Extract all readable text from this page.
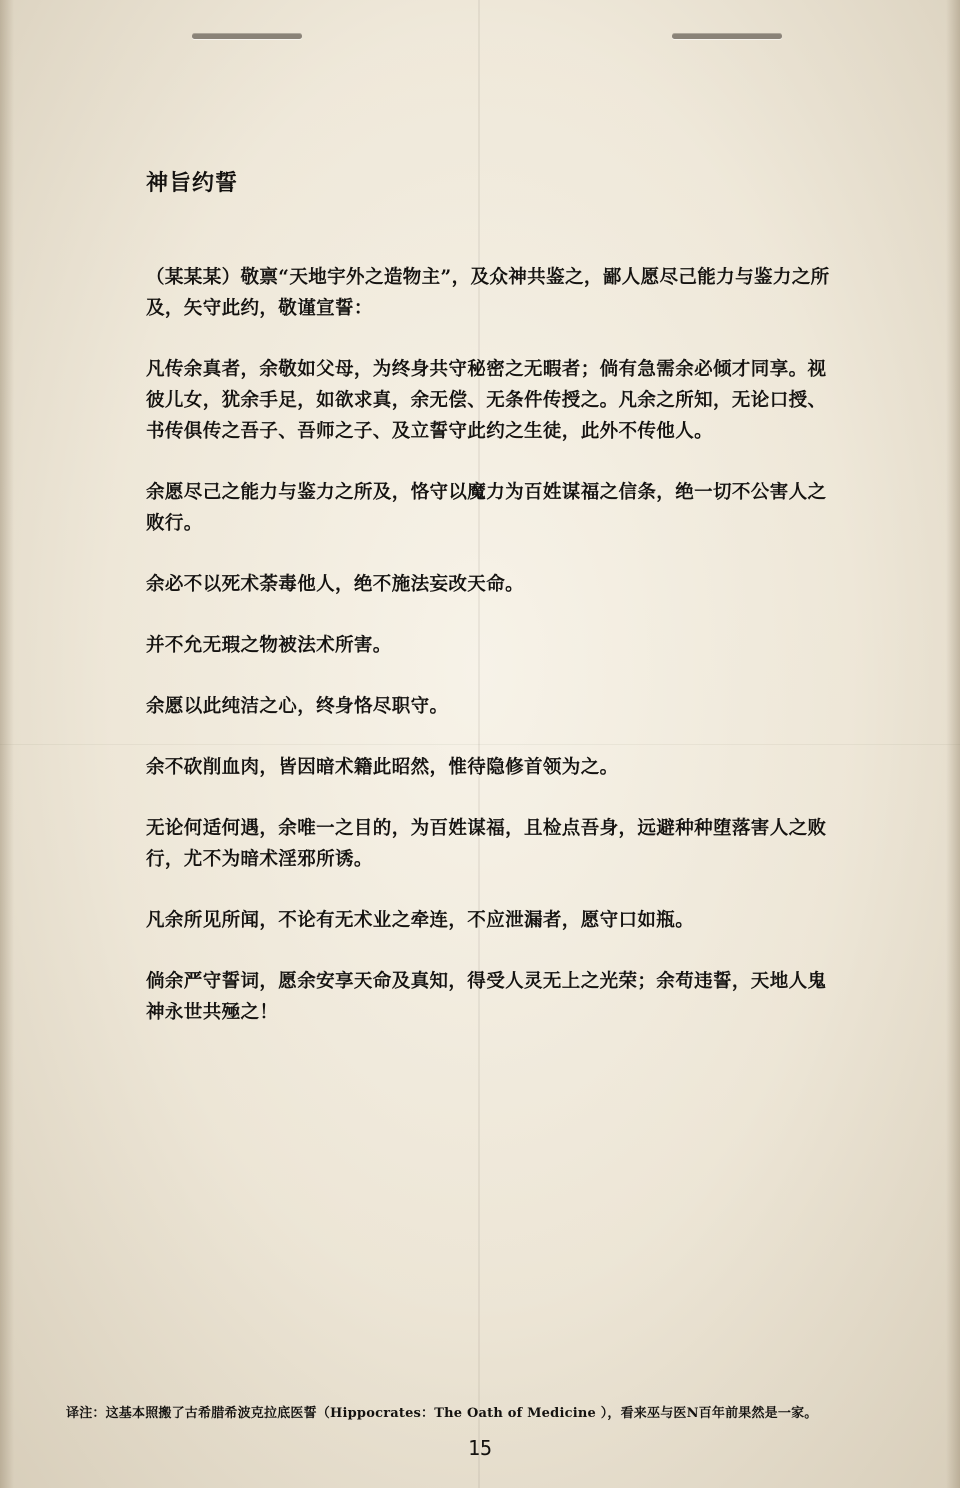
神旨约誓

（某某某）敬禀“天地宇外之造物主”，及众神共鉴之，鄙人愿尽己能力与鉴力之所及，矢守此约，敬谨宣誓：

凡传余真者，余敬如父母，为终身共守秘密之无暇者；倘有急需余必倾才同享。视彼儿女，犹余手足，如欲求真，余无偿、无条件传授之。凡余之所知，无论口授、书传俱传之吾子、吾师之子、及立誓守此约之生徒，此外不传他人。

余愿尽己之能力与鉴力之所及，恪守以魔力为百姓谋福之信条，绝一切不公害人之败行。

余必不以死术荼毒他人，绝不施法妄改天命。

并不允无瑕之物被法术所害。

余愿以此纯洁之心，终身恪尽职守。

余不砍削血肉，皆因暗术籍此昭然，惟待隐修首领为之。

无论何适何遇，余唯一之目的，为百姓谋福，且检点吾身，远避种种堕落害人之败行，尤不为暗术淫邪所诱。

凡余所见所闻，不论有无术业之牵连，不应泄漏者，愿守口如瓶。

倘余严守誓词，愿余安享天命及真知，得受人灵无上之光荣；余苟违誓，天地人鬼神永世共殛之！

译注：这基本照搬了古希腊希波克拉底医誓（Hippocrates：The Oath of Medicine ），看来巫与医N百年前果然是一家。
15
